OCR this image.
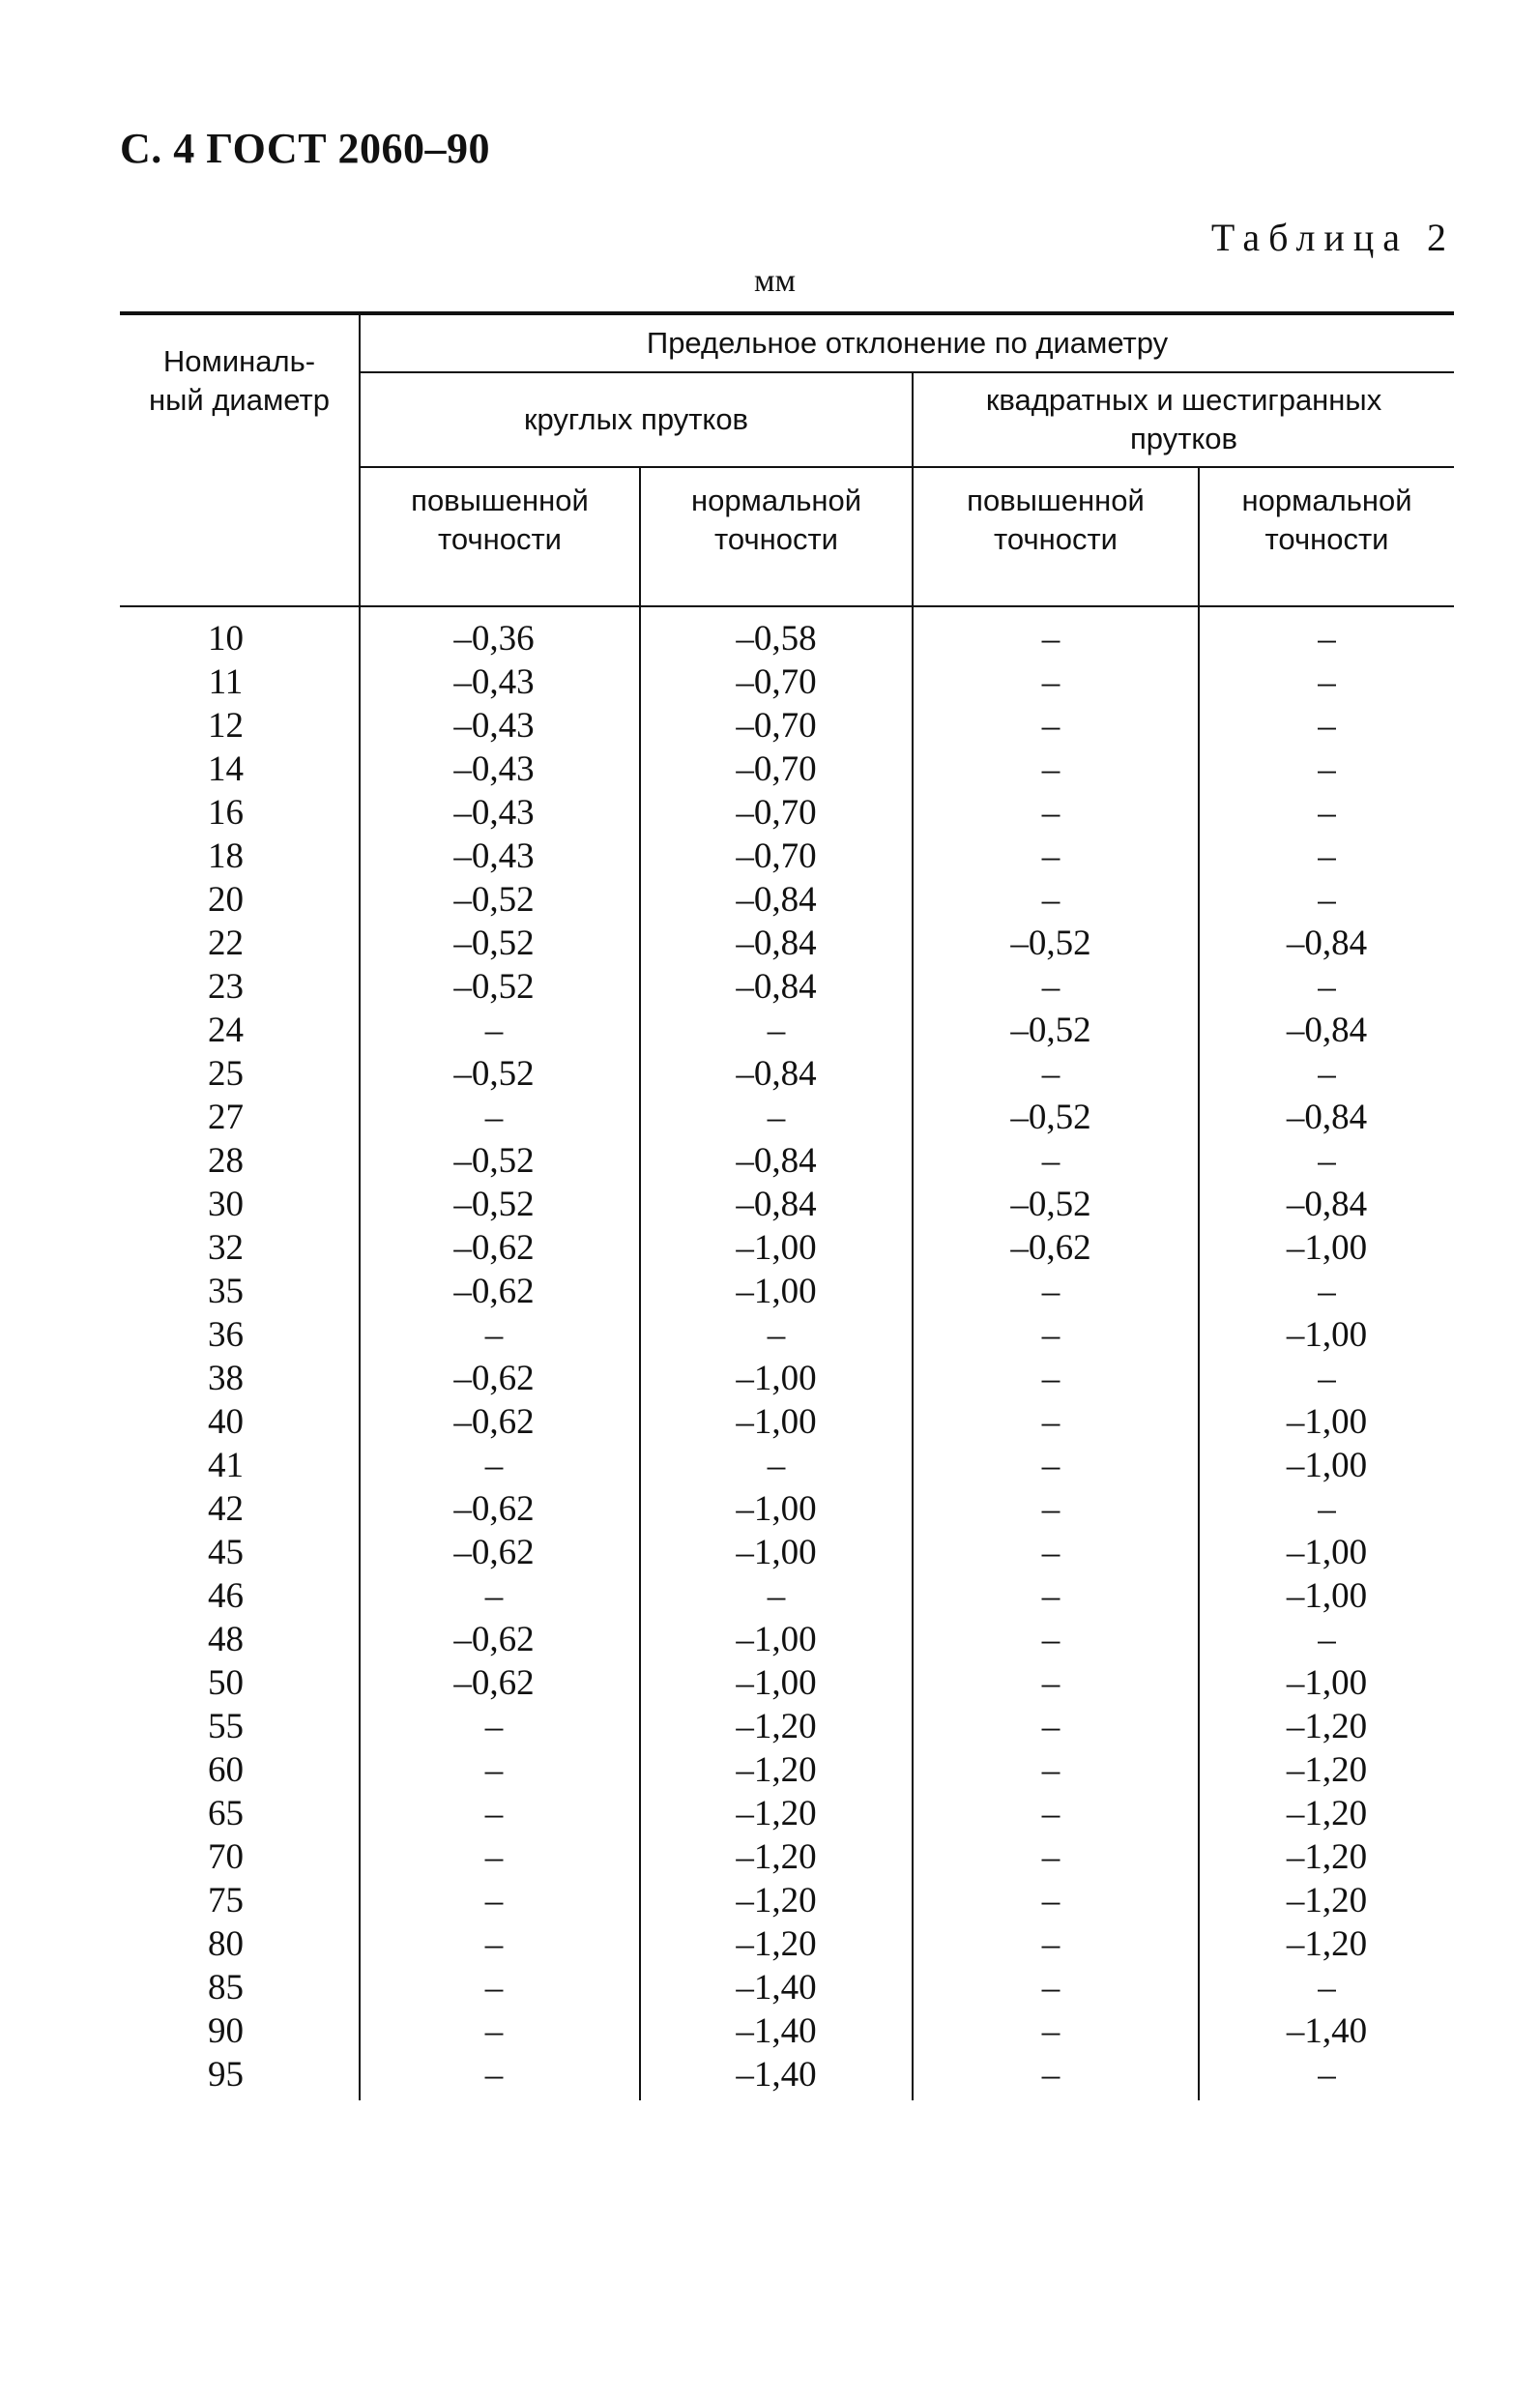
С. 4 ГОСТ 2060–90
Таблица 2
мм
Номиналь-
ный диаметр	Предельное отклонение по диаметру			
	круглых прутков		квадратных и шестигранных прутков	
	повышенной точности	нормальной точности	повышенной точности	нормальной точности
10	–0,36	–0,58	–	–
11	–0,43	–0,70	–	–
12	–0,43	–0,70	–	–
14	–0,43	–0,70	–	–
16	–0,43	–0,70	–	–
18	–0,43	–0,70	–	–
20	–0,52	–0,84	–	–
22	–0,52	–0,84	–0,52	–0,84
23	–0,52	–0,84	–	–
24	–	–	–0,52	–0,84
25	–0,52	–0,84	–	–
27	–	–	–0,52	–0,84
28	–0,52	–0,84	–	–
30	–0,52	–0,84	–0,52	–0,84
32	–0,62	–1,00	–0,62	–1,00
35	–0,62	–1,00	–	–
36	–	–	–	–1,00
38	–0,62	–1,00	–	–
40	–0,62	–1,00	–	–1,00
41	–	–	–	–1,00
42	–0,62	–1,00	–	–
45	–0,62	–1,00	–	–1,00
46	–	–	–	–1,00
48	–0,62	–1,00	–	–
50	–0,62	–1,00	–	–1,00
55	–	–1,20	–	–1,20
60	–	–1,20	–	–1,20
65	–	–1,20	–	–1,20
70	–	–1,20	–	–1,20
75	–	–1,20	–	–1,20
80	–	–1,20	–	–1,20
85	–	–1,40	–	–
90	–	–1,40	–	–1,40
95	–	–1,40	–	–
